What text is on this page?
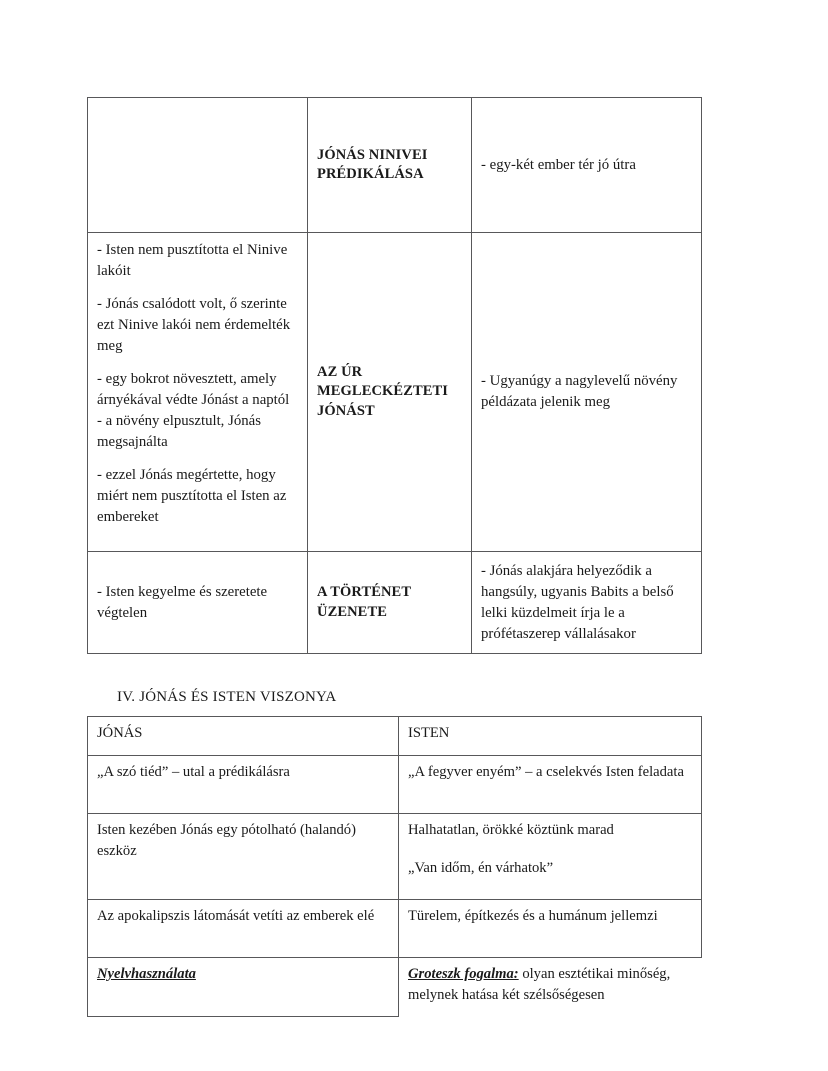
	JÓNÁS NINIVEI PRÉDIKÁLÁSA	- egy-két ember tér jó útra

- Isten nem pusztította el Ninive lakóit

- Jónás csalódott volt, ő szerinte ezt Ninive lakói nem érdemelték meg

- egy bokrot növesztett, amely árnyékával védte Jónást a naptól

- a növény elpusztult, Jónás megsajnálta

- ezzel Jónás megértette, hogy miért nem pusztította el Isten az embereket	AZ ÚR MEGLECKÉZTETI JÓNÁST	- Ugyanúgy a nagylevelű növény példázata jelenik meg

- Isten kegyelme és szeretete végtelen	A TÖRTÉNET ÜZENETE	- Jónás alakjára helyeződik a hangsúly, ugyanis Babits a belső lelki küzdelmeit írja le a prófétaszerep vállalásakor
IV. JÓNÁS ÉS ISTEN VISZONYA
JÓNÁS	ISTEN
„A szó tiéd” – utal a prédikálásra	„A fegyver enyém” – a cselekvés Isten feladata
Isten kezében Jónás egy pótolható (halandó) eszköz	Halhatatlan, örökké köztünk marad

„Van időm, én várhatok”

Az apokalipszis látomását vetíti az emberek elé	Türelem, építkezés és a humánum jellemzi
Nyelvhasználata	Groteszk fogalma: olyan esztétikai minőség, melynek hatása két szélsőségesen
